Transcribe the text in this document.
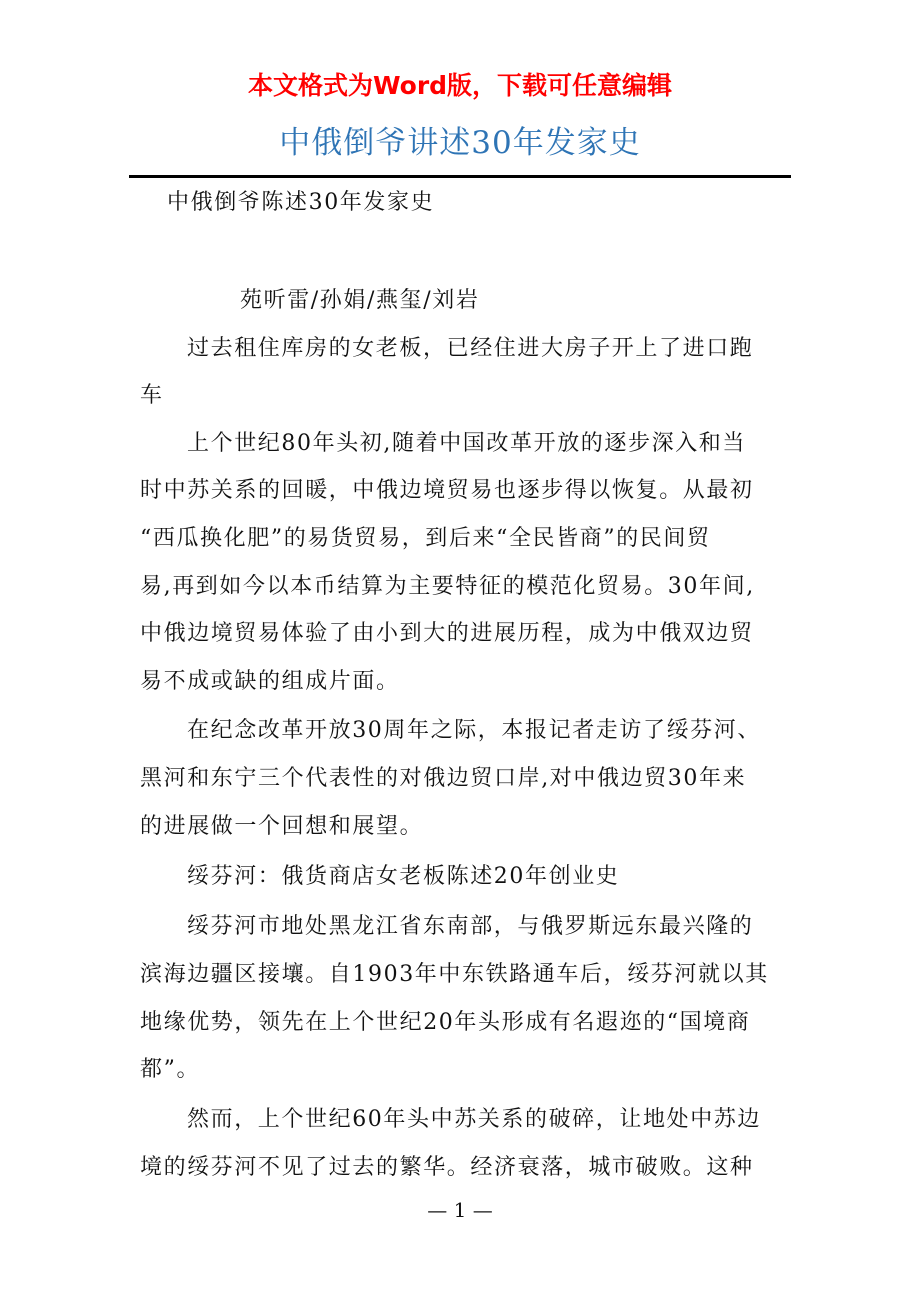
本文格式为Word版，下载可任意编辑
中俄倒爷讲述30年发家史
中俄倒爷陈述30年发家史
苑听雷/孙娟/燕玺/刘岩
过去租住库房的女老板，已经住进大房子开上了进口跑
车
上个世纪80年头初,随着中国改革开放的逐步深入和当
时中苏关系的回暖，中俄边境贸易也逐步得以恢复。从最初
“西瓜换化肥”的易货贸易，到后来“全民皆商”的民间贸
易,再到如今以本币结算为主要特征的模范化贸易。30年间,
中俄边境贸易体验了由小到大的进展历程，成为中俄双边贸
易不成或缺的组成片面。
在纪念改革开放30周年之际，本报记者走访了绥芬河、
黑河和东宁三个代表性的对俄边贸口岸,对中俄边贸30年来
的进展做一个回想和展望。
绥芬河：俄货商店女老板陈述20年创业史
绥芬河市地处黑龙江省东南部，与俄罗斯远东最兴隆的
滨海边疆区接壤。自1903年中东铁路通车后，绥芬河就以其
地缘优势，领先在上个世纪20年头形成有名遐迩的“国境商
都”。
然而，上个世纪60年头中苏关系的破碎，让地处中苏边
境的绥芬河不见了过去的繁华。经济衰落，城市破败。这种
— 1 —
